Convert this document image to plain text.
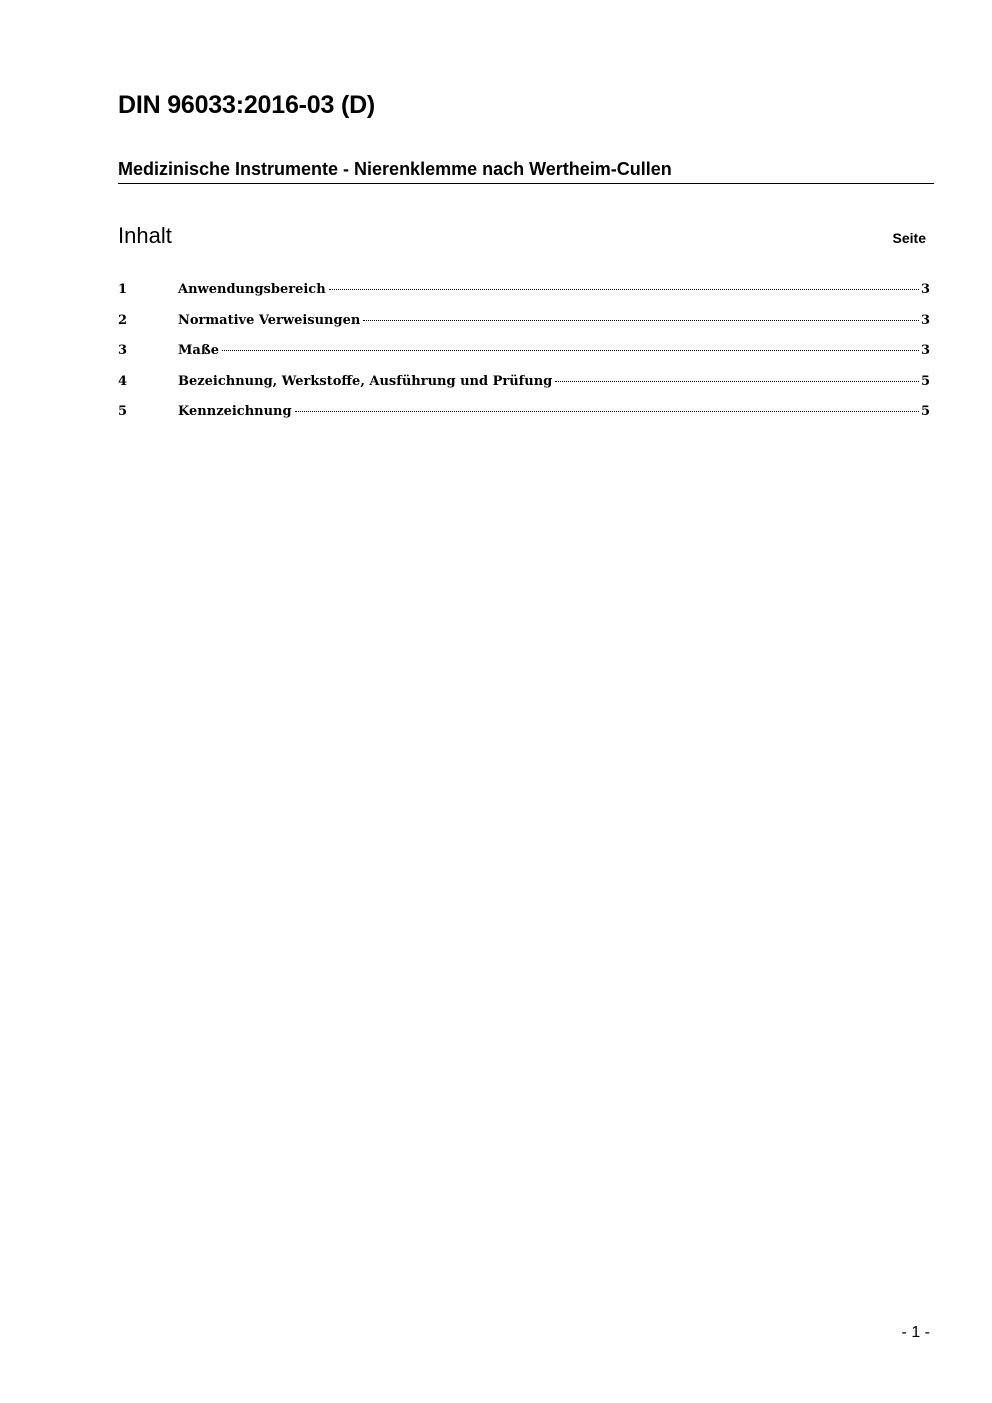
DIN 96033:2016-03 (D)
Medizinische Instrumente - Nierenklemme nach Wertheim-Cullen
Inhalt	Seite
1	Anwendungsbereich	3
2	Normative Verweisungen	3
3	Maße	3
4	Bezeichnung, Werkstoffe, Ausführung und Prüfung	5
5	Kennzeichnung	5
- 1 -
